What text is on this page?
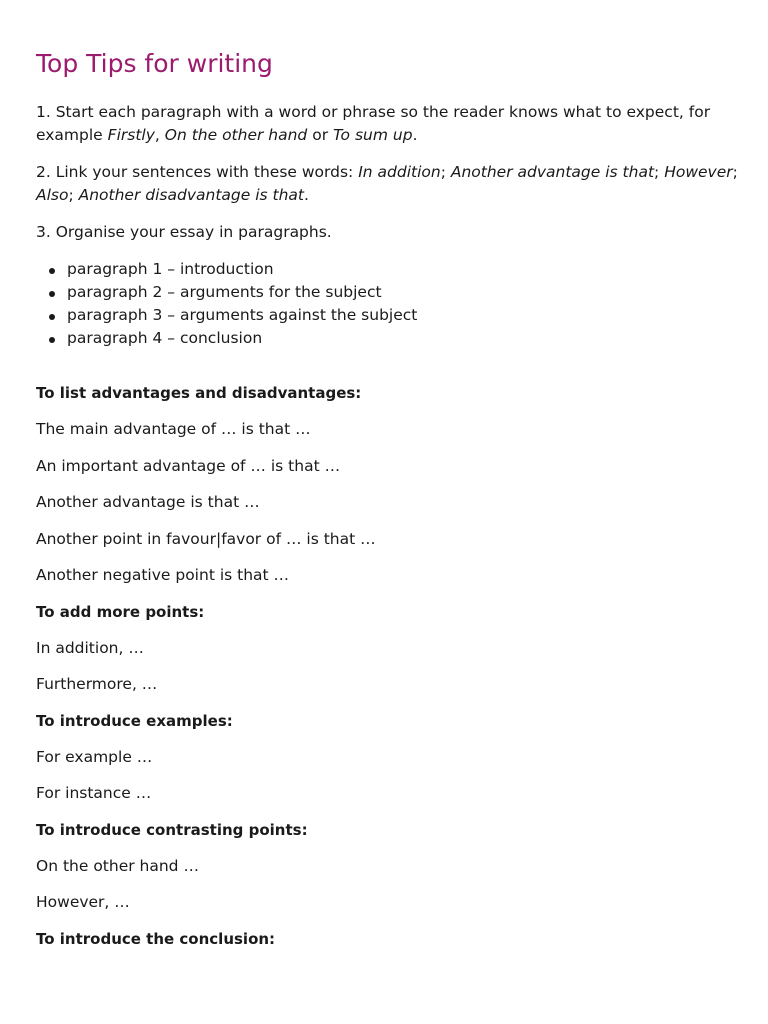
Top Tips for writing

1. Start each paragraph with a word or phrase so the reader knows what to expect, for example Firstly, On the other hand or To sum up.

2. Link your sentences with these words: In addition; Another advantage is that; However; Also; Another disadvantage is that.

3. Organise your essay in paragraphs.

paragraph 1 – introduction
paragraph 2 – arguments for the subject
paragraph 3 – arguments against the subject
paragraph 4 – conclusion

To list advantages and disadvantages:

The main advantage of … is that …

An important advantage of … is that …

Another advantage is that …

Another point in favour|favor of … is that …

Another negative point is that …

To add more points:

In addition, …

Furthermore, …

To introduce examples:

For example …

For instance …

To introduce contrasting points:

On the other hand …

However, …

To introduce the conclusion:
